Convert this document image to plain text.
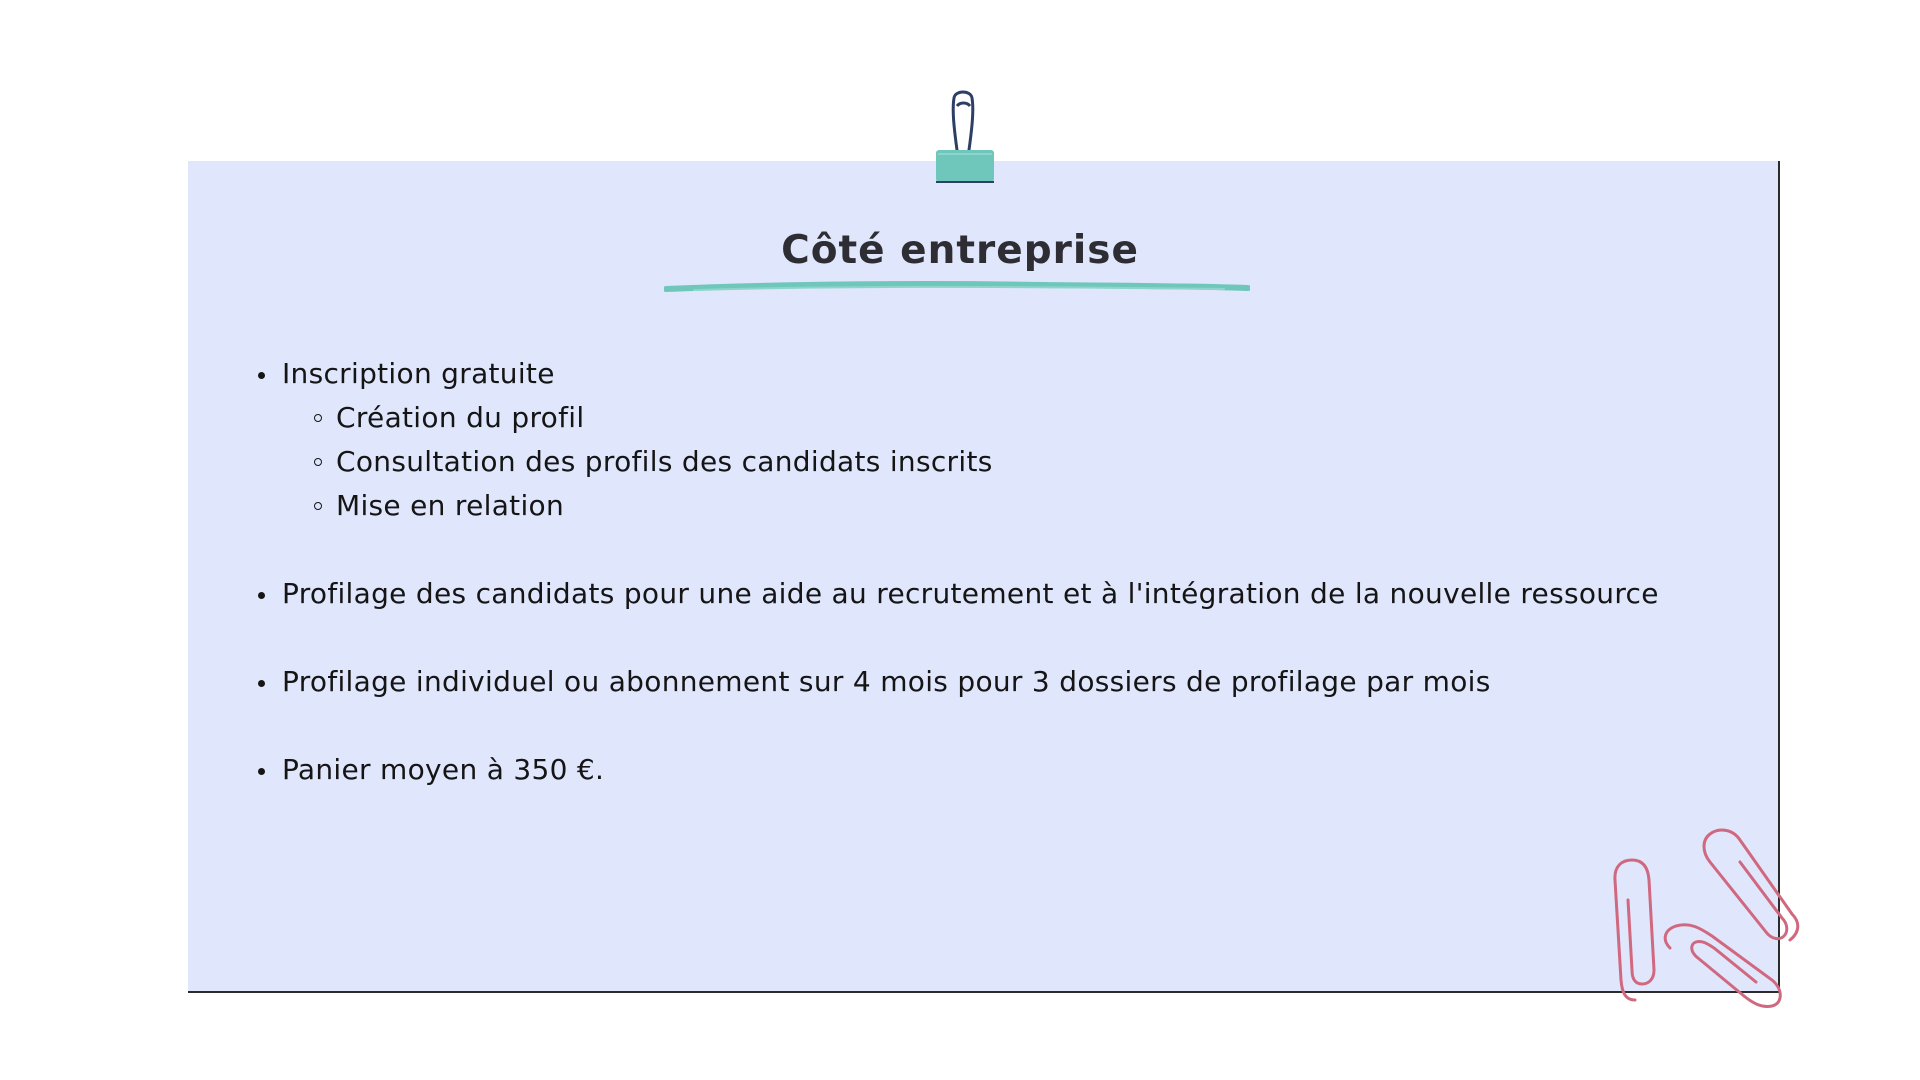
Côté entreprise
Inscription gratuite
Création du profil
Consultation des profils des candidats inscrits
Mise en relation
Profilage des candidats pour une aide au recrutement et à l'intégration de la nouvelle ressource
Profilage individuel ou abonnement sur 4 mois pour 3 dossiers de profilage par mois
Panier moyen à 350 €.
